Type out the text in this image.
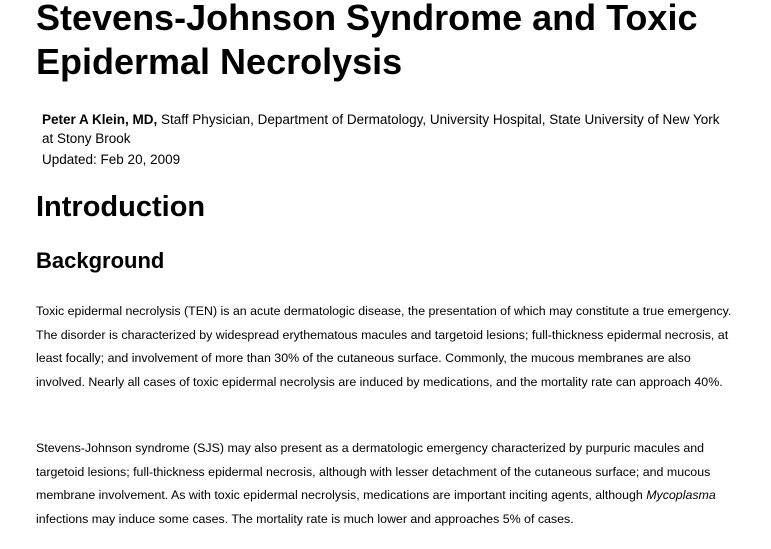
Stevens-Johnson Syndrome and Toxic Epidermal Necrolysis

Peter A Klein, MD, Staff Physician, Department of Dermatology, University Hospital, State University of New York at Stony Brook

Updated: Feb 20, 2009

Introduction
Background

Toxic epidermal necrolysis (TEN) is an acute dermatologic disease, the presentation of which may constitute a true emergency. The disorder is characterized by widespread erythematous macules and targetoid lesions; full-thickness epidermal necrosis, at least focally; and involvement of more than 30% of the cutaneous surface. Commonly, the mucous membranes are also involved. Nearly all cases of toxic epidermal necrolysis are induced by medications, and the mortality rate can approach 40%.

Stevens-Johnson syndrome (SJS) may also present as a dermatologic emergency characterized by purpuric macules and targetoid lesions; full-thickness epidermal necrosis, although with lesser detachment of the cutaneous surface; and mucous membrane involvement. As with toxic epidermal necrolysis, medications are important inciting agents, although Mycoplasma infections may induce some cases. The mortality rate is much lower and approaches 5% of cases.
